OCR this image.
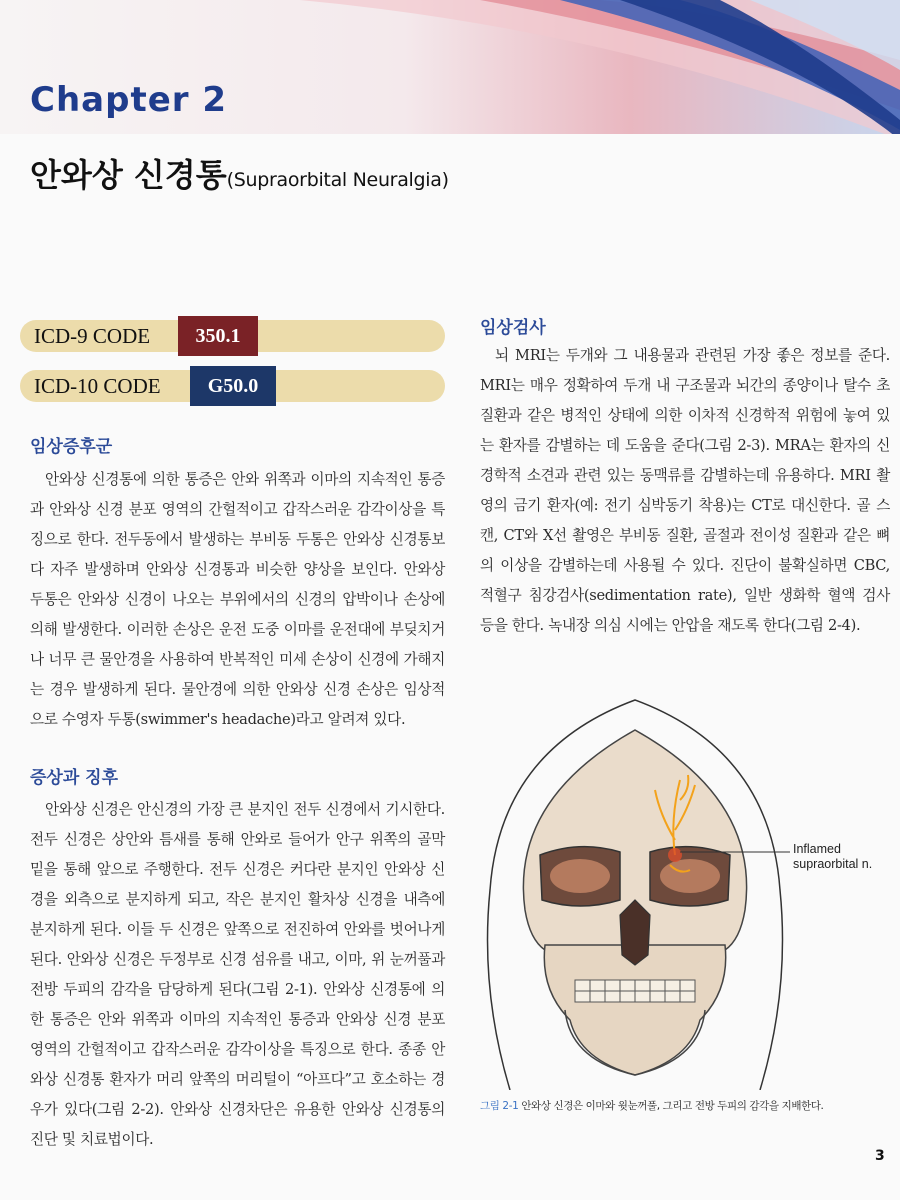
Chapter 2
안와상 신경통(Supraorbital Neuralgia)
ICD-9 CODE	350.1
ICD-10 CODE	G50.0
임상증후군

안와상 신경통에 의한 통증은 안와 위쪽과 이마의 지속적인 통증과 안와상 신경 분포 영역의 간헐적이고 갑작스러운 감각이상을 특징으로 한다. 전두동에서 발생하는 부비동 두통은 안와상 신경통보다 자주 발생하며 안와상 신경통과 비슷한 양상을 보인다. 안와상 두통은 안와상 신경이 나오는 부위에서의 신경의 압박이나 손상에 의해 발생한다. 이러한 손상은 운전 도중 이마를 운전대에 부딪치거나 너무 큰 물안경을 사용하여 반복적인 미세 손상이 신경에 가해지는 경우 발생하게 된다. 물안경에 의한 안와상 신경 손상은 임상적으로 수영자 두통(swimmer's headache)라고 알려져 있다.

증상과 징후

안와상 신경은 안신경의 가장 큰 분지인 전두 신경에서 기시한다. 전두 신경은 상안와 틈새를 통해 안와로 들어가 안구 위쪽의 골막 밑을 통해 앞으로 주행한다. 전두 신경은 커다란 분지인 안와상 신경을 외측으로 분지하게 되고, 작은 분지인 활차상 신경을 내측에 분지하게 된다. 이들 두 신경은 앞쪽으로 전진하여 안와를 벗어나게 된다. 안와상 신경은 두정부로 신경 섬유를 내고, 이마, 위 눈꺼풀과 전방 두피의 감각을 담당하게 된다(그림 2-1). 안와상 신경통에 의한 통증은 안와 위쪽과 이마의 지속적인 통증과 안와상 신경 분포 영역의 간헐적이고 갑작스러운 감각이상을 특징으로 한다. 종종 안와상 신경통 환자가 머리 앞쪽의 머리털이 “아프다”고 호소하는 경우가 있다(그림 2-2). 안와상 신경차단은 유용한 안와상 신경통의 진단 및 치료법이다.

임상검사

뇌 MRI는 두개와 그 내용물과 관련된 가장 좋은 정보를 준다. MRI는 매우 정확하여 두개 내 구조물과 뇌간의 종양이나 탈수 초 질환과 같은 병적인 상태에 의한 이차적 신경학적 위험에 놓여 있는 환자를 감별하는 데 도움을 준다(그림 2-3). MRA는 환자의 신경학적 소견과 관련 있는 동맥류를 감별하는데 유용하다. MRI 촬영의 금기 환자(예: 전기 심박동기 착용)는 CT로 대신한다. 골 스캔, CT와 X선 촬영은 부비동 질환, 골절과 전이성 질환과 같은 뼈의 이상을 감별하는데 사용될 수 있다. 진단이 불확실하면 CBC, 적혈구 침강검사(sedimentation rate), 일반 생화학 혈액 검사 등을 한다. 녹내장 의심 시에는 안압을 재도록 한다(그림 2-4).

Inflamed
supraorbital n.
그림 2-1 안와상 신경은 이마와 윗눈꺼풀, 그리고 전방 두피의 감각을 지배한다.
3
